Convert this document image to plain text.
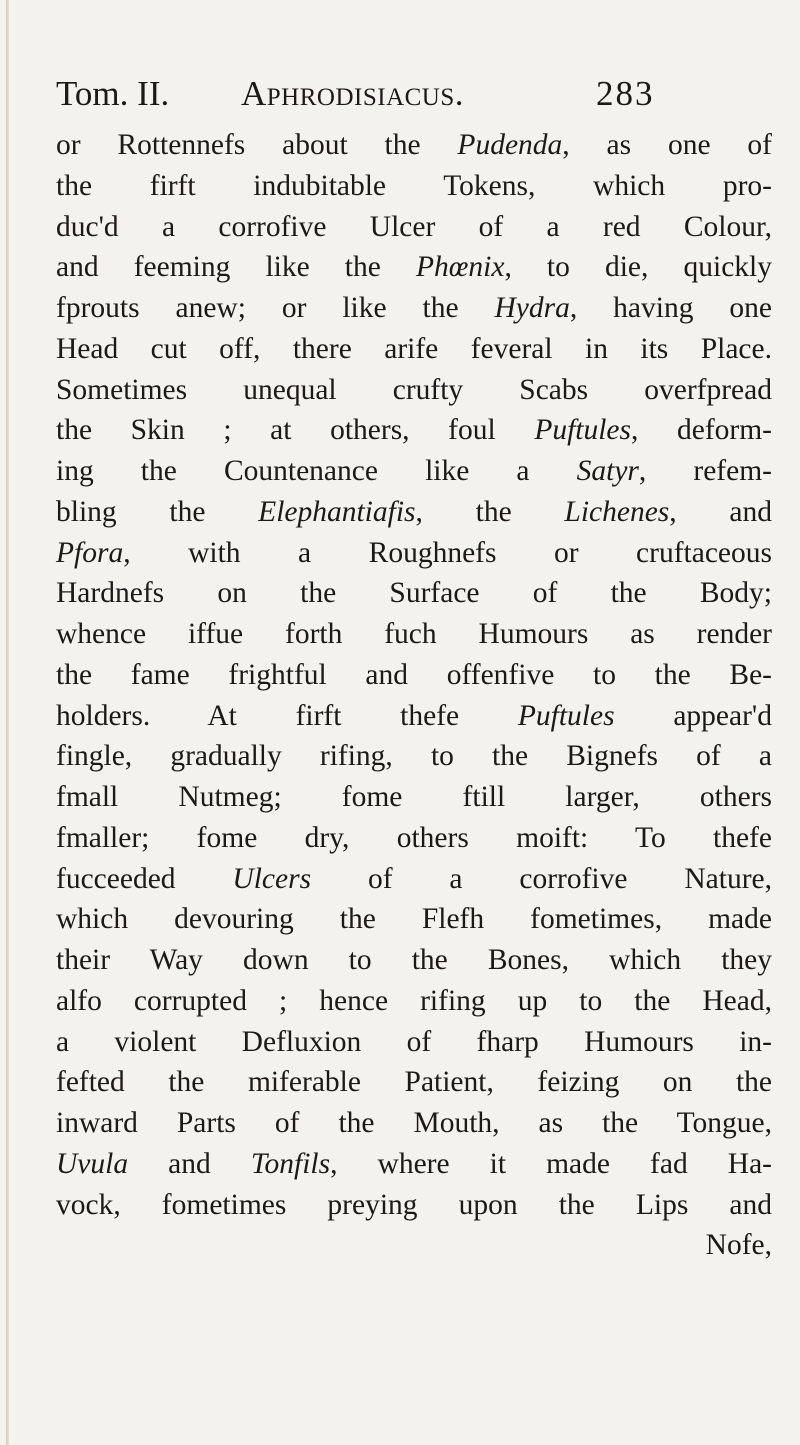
Tom. II. Aphrodisiacus.	283
or Rottennefs about the Pudenda, as one of
the firft indubitable Tokens, which pro-
duc'd a corrofive Ulcer of a red Colour,
and feeming like the Phœnix, to die, quickly
fprouts anew; or like the Hydra, having one
Head cut off, there arife feveral in its Place.
Sometimes unequal crufty Scabs overfpread
the Skin ; at others, foul Puftules, deform-
ing the Countenance like a Satyr, refem-
bling the Elephantiafis, the Lichenes, and
Pfora, with a Roughnefs or cruftaceous
Hardnefs on the Surface of the Body;
whence iffue forth fuch Humours as render
the fame frightful and offenfive to the Be-
holders. At firft thefe Puftules appear'd
fingle, gradually rifing, to the Bignefs of a
fmall Nutmeg; fome ftill larger, others
fmaller; fome dry, others moift: To thefe
fucceeded Ulcers of a corrofive Nature,
which devouring the Flefh fometimes, made
their Way down to the Bones, which they
alfo corrupted ; hence rifing up to the Head,
a violent Defluxion of fharp Humours in-
fefted the miferable Patient, feizing on the
inward Parts of the Mouth, as the Tongue,
Uvula and Tonfils, where it made fad Ha-
vock, fometimes preying upon the Lips and
Nofe,
